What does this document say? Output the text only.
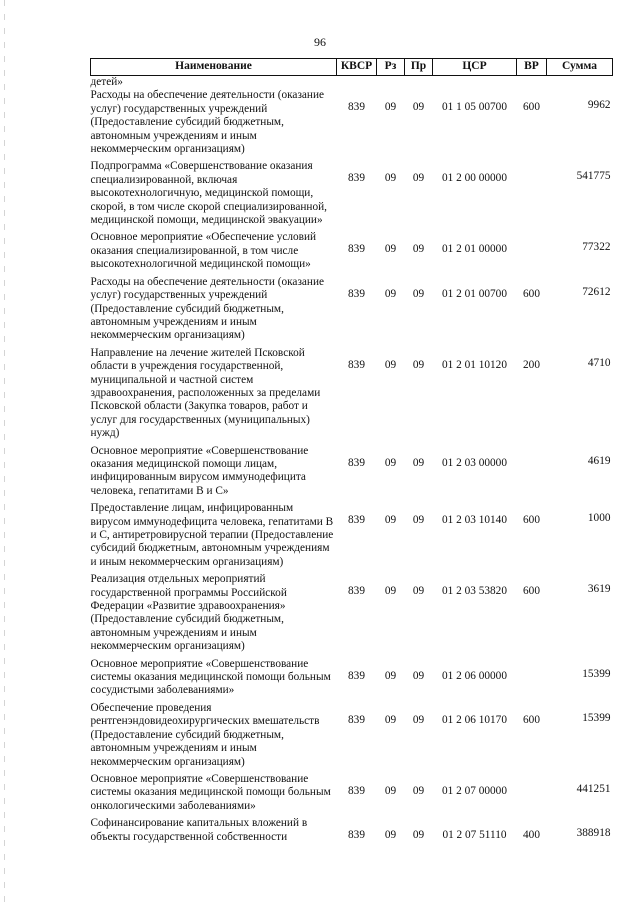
96
Наименование	КВСР	Рз	Пр	ЦСР	ВР	Сумма
детей»						
Расходы на обеспечение деятельности (оказание услуг) государственных учреждений (Предоставление субсидий бюджетным, автономным учреждениям и иным некоммерческим организациям)	839	09	09	01 1 05 00700	600	9962
Подпрограмма «Совершенствование оказания специализированной, включая высокотехнологичную, медицинской помощи, скорой, в том числе скорой специализированной, медицинской помощи, медицинской эвакуации»	839	09	09	01 2 00 00000		541775
Основное мероприятие «Обеспечение условий оказания специализированной, в том числе высокотехнологичной медицинской помощи»	839	09	09	01 2 01 00000		77322
Расходы на обеспечение деятельности (оказание услуг) государственных учреждений (Предоставление субсидий бюджетным, автономным учреждениям и иным некоммерческим организациям)	839	09	09	01 2 01 00700	600	72612
Направление на лечение жителей Псковской области в учреждения государственной, муниципальной и частной систем здравоохранения, расположенных за пределами Псковской области (Закупка товаров, работ и услуг для государственных (муниципальных) нужд)	839	09	09	01 2 01 10120	200	4710
Основное мероприятие «Совершенствование оказания медицинской помощи лицам, инфицированным вирусом иммунодефицита человека, гепатитами В и С»	839	09	09	01 2 03 00000		4619
Предоставление лицам, инфицированным вирусом иммунодефицита человека, гепатитами В и С, антиретровирусной терапии (Предоставление субсидий бюджетным, автономным учреждениям и иным некоммерческим организациям)	839	09	09	01 2 03 10140	600	1000
Реализация отдельных мероприятий государственной программы Российской Федерации «Развитие здравоохранения» (Предоставление субсидий бюджетным, автономным учреждениям и иным некоммерческим организациям)	839	09	09	01 2 03 53820	600	3619
Основное мероприятие «Совершенствование системы оказания медицинской помощи больным сосудистыми заболеваниями»	839	09	09	01 2 06 00000		15399
Обеспечение проведения рентгенэндовидеохирургических вмешательств (Предоставление субсидий бюджетным, автономным учреждениям и иным некоммерческим организациям)	839	09	09	01 2 06 10170	600	15399
Основное мероприятие «Совершенствование системы оказания медицинской помощи больным онкологическими заболеваниями»	839	09	09	01 2 07 00000		441251
Софинансирование капитальных вложений в объекты государственной собственности	839	09	09	01 2 07 51110	400	388918
